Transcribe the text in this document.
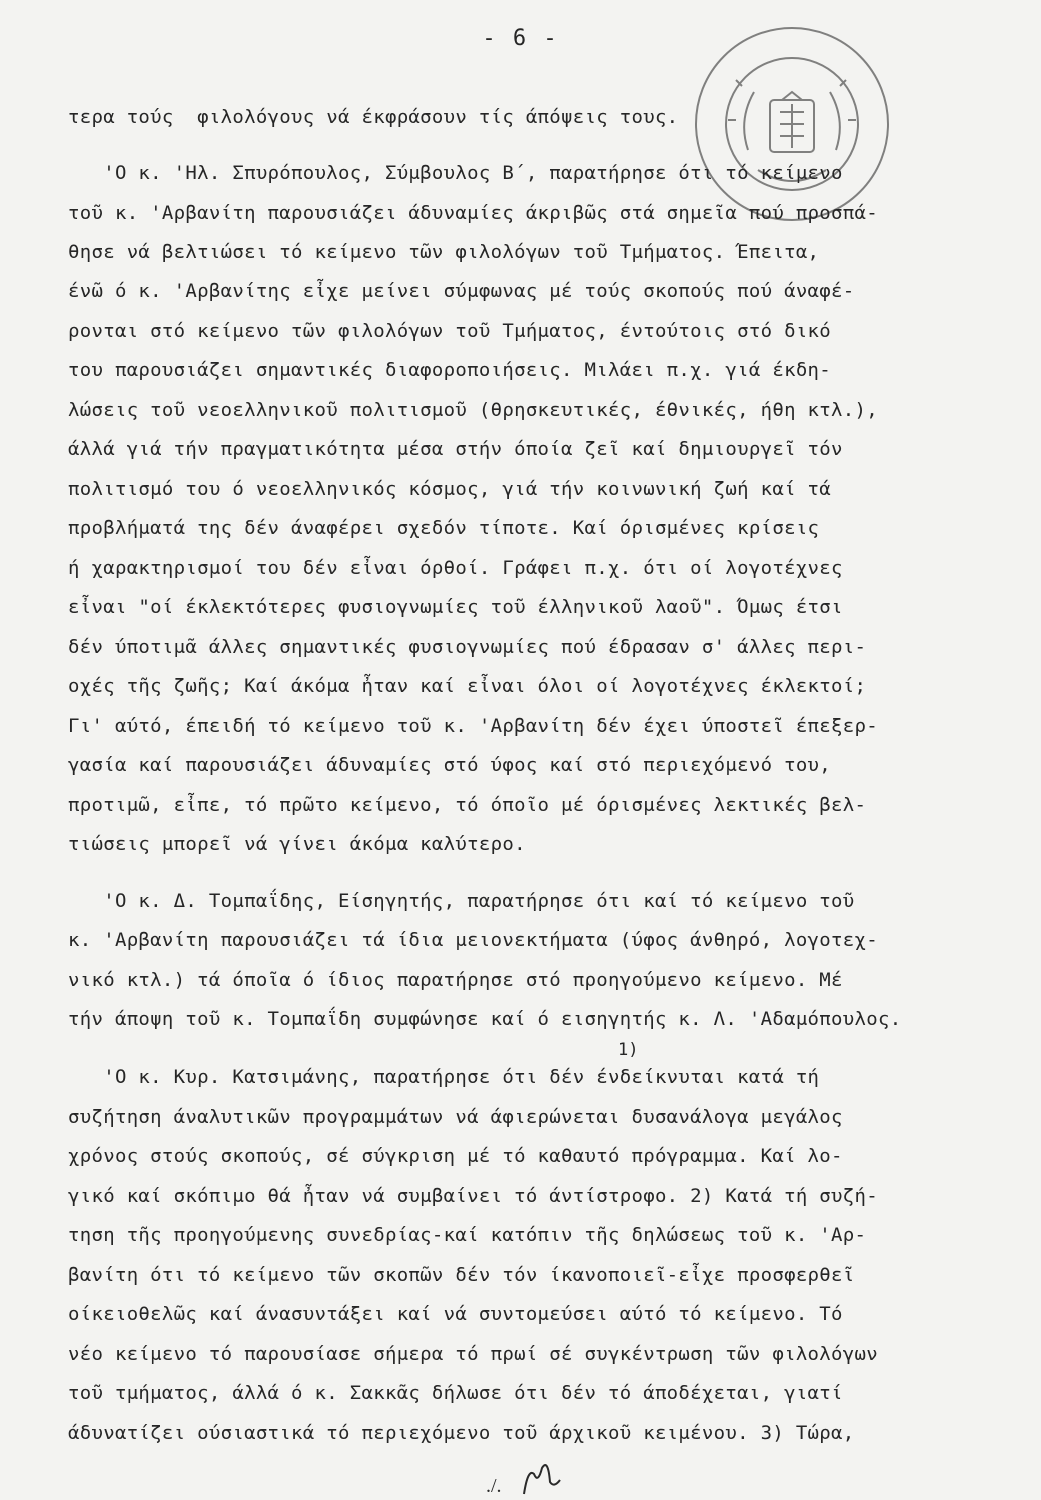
- 6 -
τερα τούς  φιλολόγους νά έκφράσουν τίς άπόψεις τους.
'Ο κ. 'Ηλ. Σπυρόπουλος, Σύμβουλος Β΄, παρατήρησε ότι τό κείμενο
τοῦ κ. 'Αρβανίτη παρουσιάζει άδυναμίες άκριβῶς στά σημεῖα πού προσπά-
θησε νά βελτιώσει τό κείμενο τῶν φιλολόγων τοῦ Τμήματος. Έπειτα,
ένῶ ό κ. 'Αρβανίτης εἶχε μείνει σύμφωνας μέ τούς σκοπούς πού άναφέ-
ρονται στό κείμενο τῶν φιλολόγων τοῦ Τμήματος, έντούτοις στό δικό
του παρουσιάζει σημαντικές διαφοροποιήσεις. Μιλάει π.χ. γιά έκδη-
λώσεις τοῦ νεοελληνικοῦ πολιτισμοῦ (θρησκευτικές, έθνικές, ήθη κτλ.),
άλλά γιά τήν πραγματικότητα μέσα στήν όποία ζεῖ καί δημιουργεῖ τόν
πολιτισμό του ό νεοελληνικός κόσμος, γιά τήν κοινωνική ζωή καί τά
προβλήματά της δέν άναφέρει σχεδόν τίποτε. Καί όρισμένες κρίσεις
ή χαρακτηρισμοί του δέν εἶναι όρθοί. Γράφει π.χ. ότι οί λογοτέχνες
εἶναι "οί έκλεκτότερες φυσιογνωμίες τοῦ έλληνικοῦ λαοῦ". Όμως έτσι
δέν ύποτιμᾶ άλλες σημαντικές φυσιογνωμίες πού έδρασαν σ' άλλες περι-
οχές τῆς ζωῆς; Καί άκόμα ἦταν καί εἶναι όλοι οί λογοτέχνες έκλεκτοί;
Γι' αύτό, έπειδή τό κείμενο τοῦ κ. 'Αρβανίτη δέν έχει ύποστεῖ έπεξερ-
γασία καί παρουσιάζει άδυναμίες στό ύφος καί στό περιεχόμενό του,
προτιμῶ, εἶπε, τό πρῶτο κείμενο, τό όποῖο μέ όρισμένες λεκτικές βελ-
τιώσεις μπορεῖ νά γίνει άκόμα καλύτερο.
'Ο κ. Δ. Τομπαΐδης, Είσηγητής, παρατήρησε ότι καί τό κείμενο τοῦ
κ. 'Αρβανίτη παρουσιάζει τά ίδια μειονεκτήματα (ύφος άνθηρό, λογοτεχ-
νικό κτλ.) τά όποῖα ό ίδιος παρατήρησε στό προηγούμενο κείμενο. Μέ
τήν άποψη τοῦ κ. Τομπαΐδη συμφώνησε καί ό εισηγητής κ. Λ. 'Αδαμόπουλος.
'Ο κ. Κυρ. Κατσιμάνης, παρατήρησε ότι δέν ένδείκνυται κατά τή
συζήτηση άναλυτικῶν προγραμμάτων νά άφιερώνεται δυσανάλογα μεγάλος
χρόνος στούς σκοπούς, σέ σύγκριση μέ τό καθαυτό πρόγραμμα. Καί λο-
γικό καί σκόπιμο θά ἦταν νά συμβαίνει τό άντίστροφο. 2) Κατά τή συζή-
τηση τῆς προηγούμενης συνεδρίας-καί κατόπιν τῆς δηλώσεως τοῦ κ. 'Αρ-
βανίτη ότι τό κείμενο τῶν σκοπῶν δέν τόν ίκανοποιεῖ-εἶχε προσφερθεῖ
οίκειοθελῶς καί άνασυντάξει καί νά συντομεύσει αύτό τό κείμενο. Τό
νέο κείμενο τό παρουσίασε σήμερα τό πρωί σέ συγκέντρωση τῶν φιλολόγων
τοῦ τμήματος, άλλά ό κ. Σακκᾶς δήλωσε ότι δέν τό άποδέχεται, γιατί
άδυνατίζει ούσιαστικά τό περιεχόμενο τοῦ άρχικοῦ κειμένου. 3) Τώρα,
1)
./.
